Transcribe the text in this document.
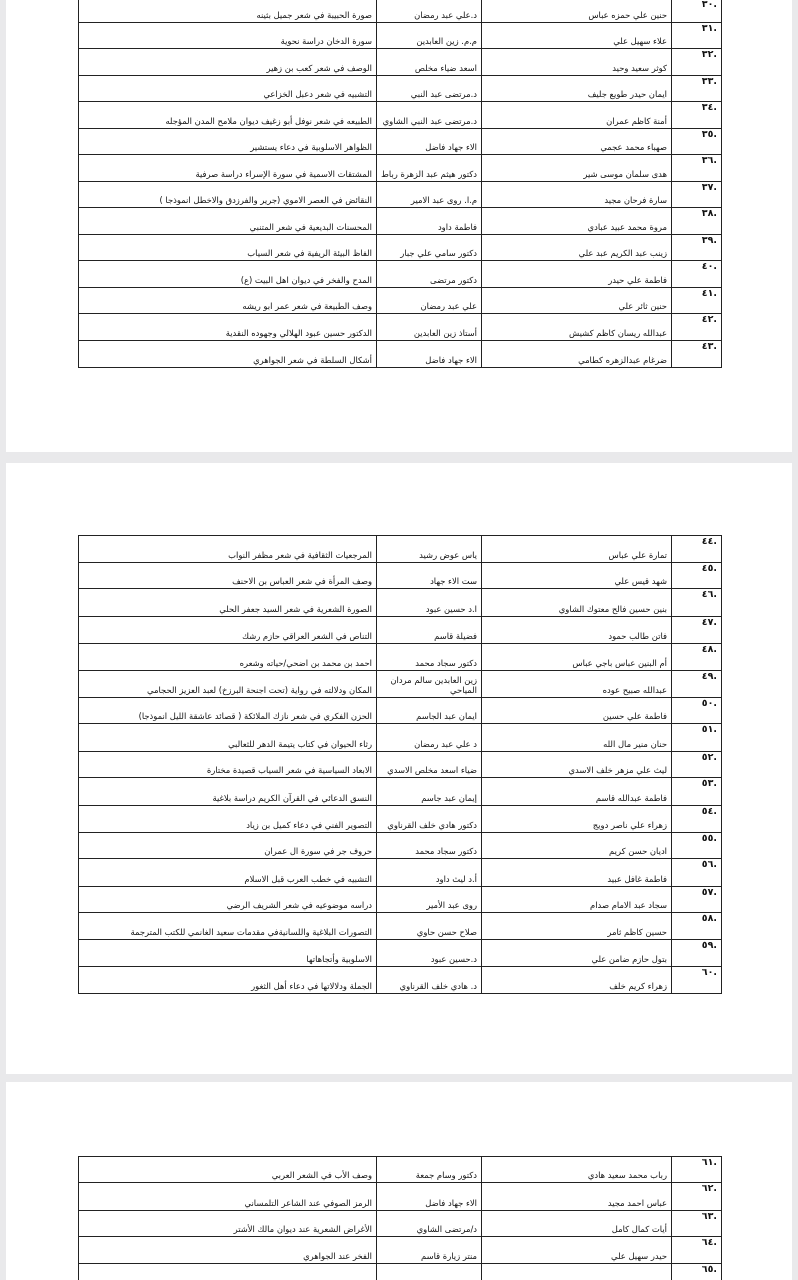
.٣٠	حنين علي حمزه عباس	د.علي عبد رمضان	صورة الحبيبة في شعر جميل بثينه
.٣١	علاء سهيل علي	م.م. زين العابدين	سورة الدخان دراسة نحوية
.٣٢	كوثر سعيد وحيد	اسعد ضياء مخلص	الوصف في شعر كعب بن زهير
.٣٣	ايمان حيدر طويع جليف	د.مرتضى عبد النبي	التشبيه في شعر دعبل الخزاعي
.٣٤	أمنة كاظم عمران	د.مرتضى عبد النبي الشاوي	الطبيعه في شعر نوفل أبو زغيف ديوان ملامح المدن المؤجله
.٣٥	صهباء محمد عجمي	الاء جهاد فاضل	الظواهر الاسلوبية في دعاء يستشير
.٣٦	هدى سلمان موسى شير	دكتور هيثم عبد الزهرة رباط	المشتقات الاسمية في سورة الإسراء دراسة صرفية
.٣٧	سارة فرحان مجيد	م.ا. روى عبد الامير	النقائض في العصر الاموي (جرير والفرزدق والاخطل انموذجا )
.٣٨	مروة محمد عبيد عبادي	فاطمة داود	المحسنات البديعية في شعر المتنبي
.٣٩	زينب عبد الكريم عبد علي	دكتور سامي علي جبار	الفاظ البيئة الريفية في شعر السياب
.٤٠	فاطمة علي حيدر	دكتور مرتضى	المدح والفخر في ديوان اهل البيت (ع)
.٤١	حنين ثائر علي	علي عبد رمضان	وصف الطبيعة في شعر عمر ابو ريشه
.٤٢	عبدالله ريسان كاظم كشيش	أستاذ زين العابدين	الدكتور حسين عبود الهلالي وجهوده النقدية
.٤٣	ضرغام عبدالزهره كطامي	الاء جهاد فاضل	أشكال السلطة في شعر الجواهري
.٤٤	تمارة علي عباس	ياس عوض رشيد	المرجعيات الثقافية في شعر مظفر النواب
.٤٥	شهد قيس علي	ست الاء جهاد	وصف المرأة في شعر العباس بن الاحنف
.٤٦	بنين حسين فالح معتوك الشاوي	ا.د حسين عبود	الصورة الشعرية في شعر السيد جعفر الحلي
.٤٧	فاتن طالب حمود	فضيلة قاسم	التناص في الشعر العراقي حازم رشك
.٤٨	أم البنين عباس باجي عباس	دكتور سجاد محمد	احمد بن محمد بن اضحي/حياته وشعره
.٤٩	عبدالله صبيح عوده	زين العابدين سالم مردان المياحي	المكان ودلالته في رواية (تحت اجنحة البرزخ) لعبد العزيز الحجامي
.٥٠	فاطمة علي حسين	ايمان عبد الجاسم	الحزن الفكري في شعر نازك الملائكة ( قصائد عاشقة الليل انموذجا)
.٥١	حنان منير مال الله	د علي عبد رمضان	رثاء الحيوان في كتاب يتيمة الدهر للثعالبي
.٥٢	ليث علي مزهر خلف الاسدي	ضياء اسعد مخلص الاسدي	الابعاد السياسية في شعر السياب قصيدة مختارة
.٥٣	فاطمة عبدالله قاسم	إيمان عبد جاسم	النسق الدعائي في القرآن الكريم دراسة بلاغية
.٥٤	زهراء علي ناصر دويج	دكتور هادي خلف القرناوي	التصوير الفني في دعاء كميل بن زياد
.٥٥	اديان حسن كريم	دكتور سجاد محمد	حروف جر في سورة ال عمران
.٥٦	فاطمة غافل عبيد	أ.د ليث داود	التشبيه في خطب العرب قبل الاسلام
.٥٧	سجاد عبد الامام صدام	روى عبد الأمير	دراسه موضوعيه في شعر الشريف الرضي
.٥٨	حسين كاظم ثامر	صلاح حسن حاوي	التصورات البلاغية واللسانيةفي مقدمات سعيد الغانمي للكتب المترجمة
.٥٩	بتول حازم ضامن علي	د.حسين عبود	الاسلوبية وأتجاهاتها
.٦٠	زهراء كريم خلف	د. هادي خلف القرناوي	الجملة ودلالاتها في دعاء أهل الثغور
.٦١	رباب محمد سعيد هادي	دكتور وسام جمعة	وصف الأب في الشعر العربي
.٦٢	عباس احمد مجيد	الاء جهاد فاضل	الرمز الصوفي عند الشاعر التلمساني
.٦٣	أيات كمال كامل	د/مرتضى الشاوي	الأغراض الشعرية عند ديوان مالك الأشتر
.٦٤	حيدر سهيل علي	منتر زيارة قاسم	الفخر عند الجواهري
.٦٥			
